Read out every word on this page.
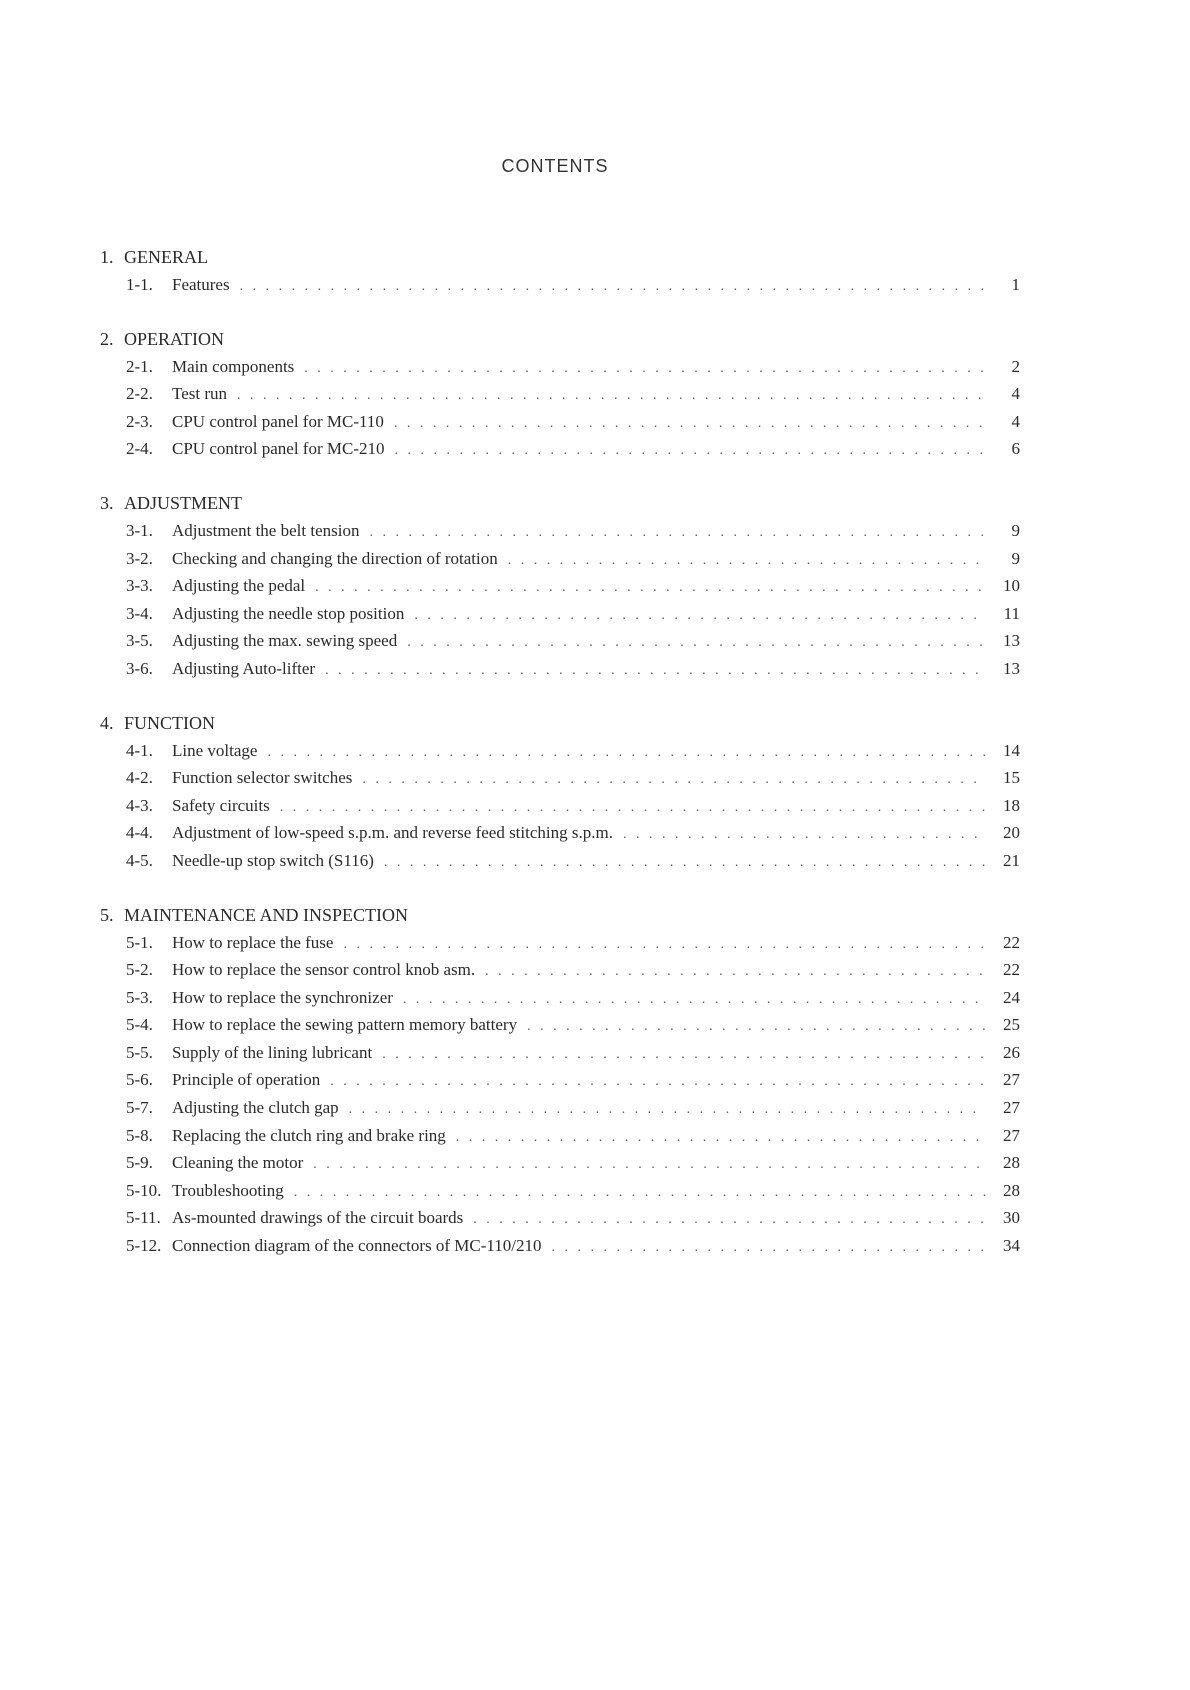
CONTENTS
1. GENERAL
1-1.	Features . . .	1
2. OPERATION
2-1.	Main components . . .	2
2-2.	Test run . . .	4
2-3.	CPU control panel for MC-110 . . .	4
2-4.	CPU control panel for MC-210 . . .	6
3. ADJUSTMENT
3-1.	Adjustment the belt tension . . .	9
3-2.	Checking and changing the direction of rotation . . .	9
3-3.	Adjusting the pedal . . .	10
3-4.	Adjusting the needle stop position . . .	11
3-5.	Adjusting the max. sewing speed . . .	13
3-6.	Adjusting Auto-lifter . . .	13
4. FUNCTION
4-1.	Line voltage . . .	14
4-2.	Function selector switches . . .	15
4-3.	Safety circuits . . .	18
4-4.	Adjustment of low-speed s.p.m. and reverse feed stitching s.p.m. . . .	20
4-5.	Needle-up stop switch (S116) . . .	21
5. MAINTENANCE AND INSPECTION
5-1.	How to replace the fuse . . .	22
5-2.	How to replace the sensor control knob asm. . . .	22
5-3.	How to replace the synchronizer . . .	24
5-4.	How to replace the sewing pattern memory battery . . .	25
5-5.	Supply of the lining lubricant . . .	26
5-6.	Principle of operation . . .	27
5-7.	Adjusting the clutch gap . . .	27
5-8.	Replacing the clutch ring and brake ring . . .	27
5-9.	Cleaning the motor . . .	28
5-10. Troubleshooting . . .	28
5-11. As-mounted drawings of the circuit boards . . .	30
5-12. Connection diagram of the connectors of MC-110/210 . . .	34
